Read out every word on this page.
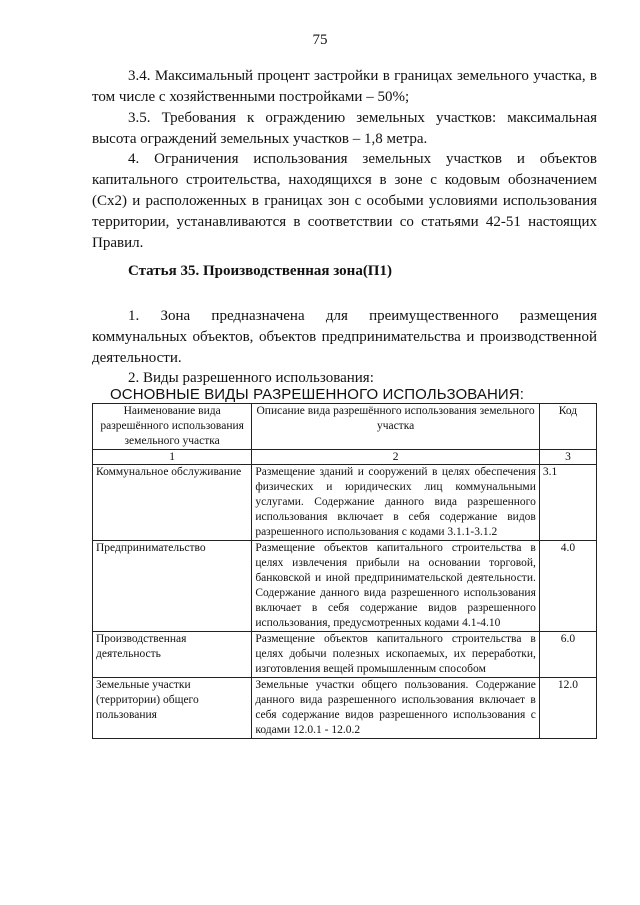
75

3.4. Максимальный процент застройки в границах земельного участка, в том числе с хозяйственными постройками – 50%;

3.5. Требования к ограждению земельных участков: максимальная высота ограждений земельных участков – 1,8 метра.

4. Ограничения использования земельных участков и объектов капитального строительства, находящихся в зоне с кодовым обозначением (Сх2) и расположенных в границах зон с особыми условиями использования территории, устанавливаются в соответствии со статьями 42-51 настоящих Правил.

Статья 35. Производственная зона(П1)

1. Зона предназначена для преимущественного размещения коммунальных объектов, объектов предпринимательства и производственной деятельности.

2. Виды разрешенного использования:

ОСНОВНЫЕ ВИДЫ РАЗРЕШЕННОГО ИСПОЛЬЗОВАНИЯ:
Наименование вида разрешённого использования земельного участка	Описание вида разрешённого использования земельного участка	Код
1	2	3
Коммунальное обслуживание	Размещение зданий и сооружений в целях обеспечения физических и юридических лиц коммунальными услугами. Содержание данного вида разрешенного использования включает в себя содержание видов разрешенного использования с кодами 3.1.1-3.1.2	3.1
Предпринимательство	Размещение объектов капитального строительства в целях извлечения прибыли на основании торговой, банковской и иной предпринимательской деятельности. Содержание данного вида разрешенного использования включает в себя содержание видов разрешенного использования, предусмотренных кодами 4.1-4.10	4.0
Производственная деятельность	Размещение объектов капитального строительства в целях добычи полезных ископаемых, их переработки, изготовления вещей промышленным способом	6.0
Земельные участки (территории) общего пользования	Земельные участки общего пользования. Содержание данного вида разрешенного использования включает в себя содержание видов разрешенного использования с кодами 12.0.1 - 12.0.2	12.0
